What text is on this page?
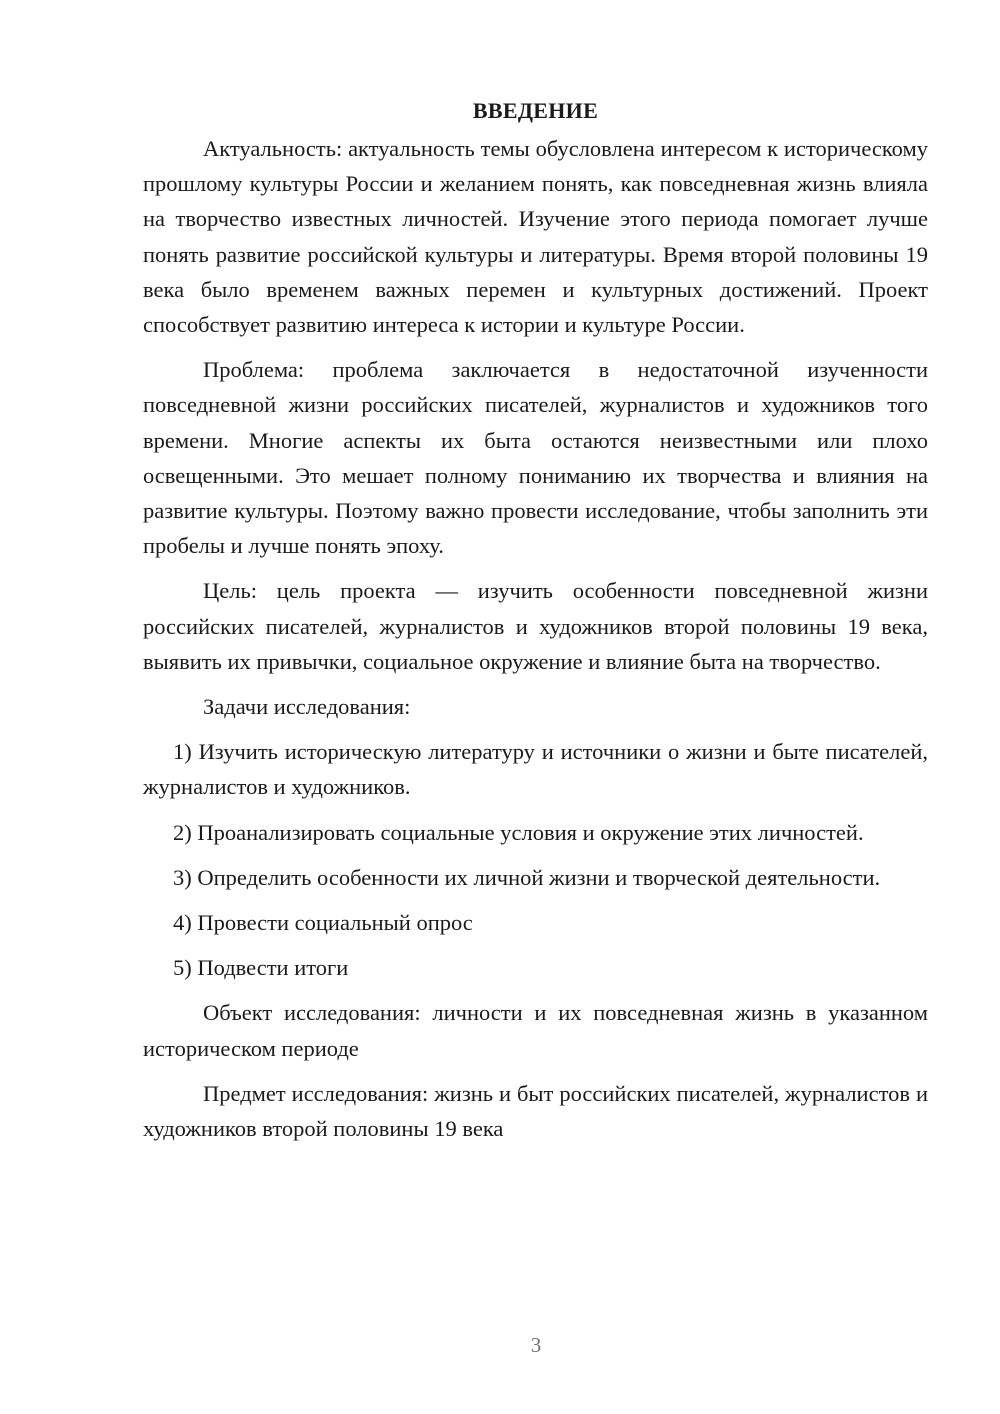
ВВЕДЕНИЕ

Актуальность: актуальность темы обусловлена интересом к историческому прошлому культуры России и желанием понять, как повседневная жизнь влияла на творчество известных личностей. Изучение этого периода помогает лучше понять развитие российской культуры и литературы. Время второй половины 19 века было временем важных перемен и культурных достижений. Проект способствует развитию интереса к истории и культуре России.

Проблема: проблема заключается в недостаточной изученности повседневной жизни российских писателей, журналистов и художников того времени. Многие аспекты их быта остаются неизвестными или плохо освещенными. Это мешает полному пониманию их творчества и влияния на развитие культуры. Поэтому важно провести исследование, чтобы заполнить эти пробелы и лучше понять эпоху.

Цель: цель проекта — изучить особенности повседневной жизни российских писателей, журналистов и художников второй половины 19 века, выявить их привычки, социальное окружение и влияние быта на творчество.

Задачи исследования:

1) Изучить историческую литературу и источники о жизни и быте писателей, журналистов и художников.

2) Проанализировать социальные условия и окружение этих личностей.

3) Определить особенности их личной жизни и творческой деятельности.

4) Провести социальный опрос

5) Подвести итоги

Объект исследования: личности и их повседневная жизнь в указанном историческом периоде

Предмет исследования: жизнь и быт российских писателей, журналистов и художников второй половины 19 века

3
